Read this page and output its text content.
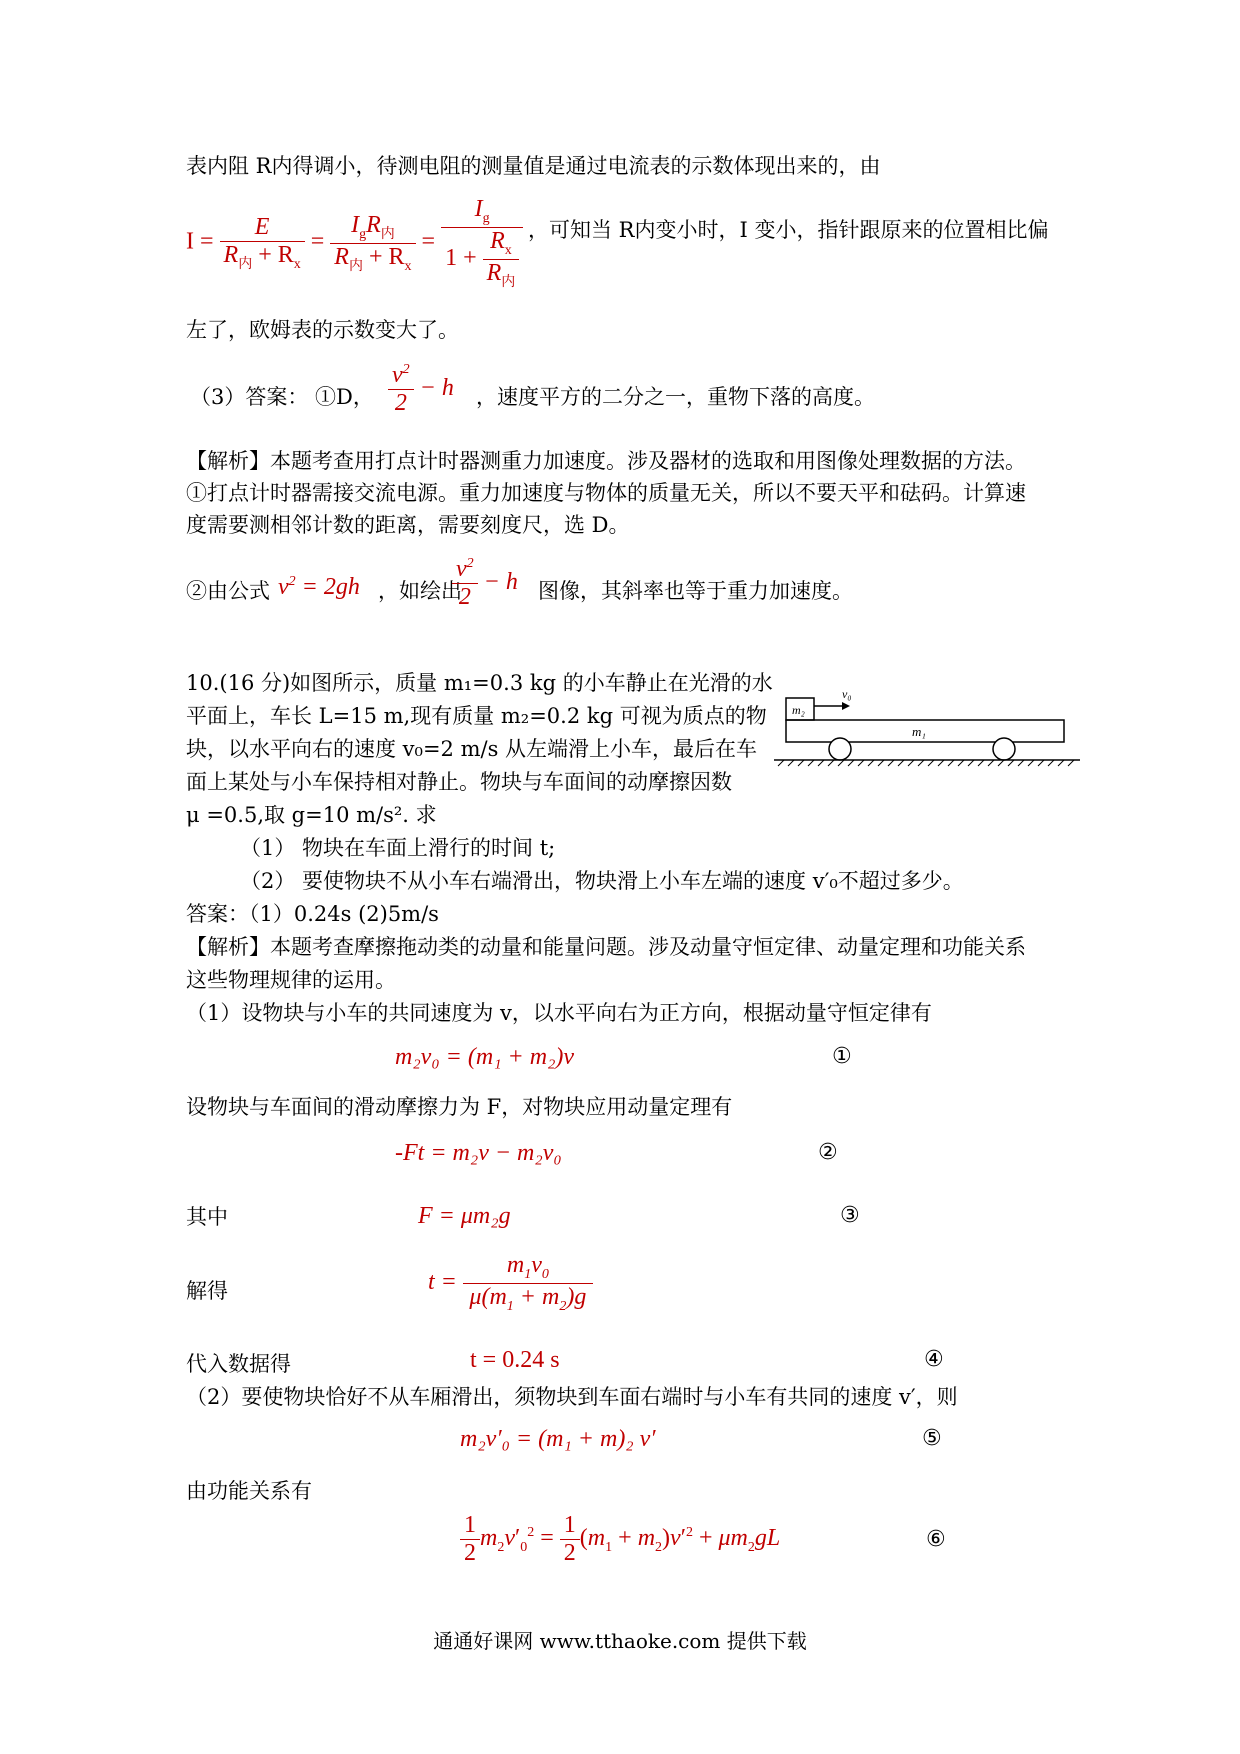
表内阻 R内得调小，待测电阻的测量值是通过电流表的示数体现出来的，由
$I = \frac{E}{R_内 + R_x} = \frac{I_gR_内}{R_内 + R_x} = \frac{I_g}{1 + \frac{R_x}{R_内}}$ ，可知当 R内变小时，I 变小，指针跟原来的位置相比偏
左了，欧姆表的示数变大了。
（3）答案： ①D， $\frac{v^2}{2} - h$ ，速度平方的二分之一，重物下落的高度。
【解析】本题考查用打点计时器测重力加速度。涉及器材的选取和用图像处理数据的方法。
①打点计时器需接交流电源。重力加速度与物体的质量无关，所以不要天平和砝码。计算速
度需要测相邻计数的距离，需要刻度尺，选 D。
②由公式 $v^2 = 2gh$ ，如绘出
$\frac{v^2}{2} - h$ 图像，其斜率也等于重力加速度。
10.(16 分)如图所示，质量 m₁=0.3 kg 的小车静止在光滑的水
平面上，车长 L=15 m,现有质量 m₂=0.2 kg 可视为质点的物
块，以水平向右的速度 v₀=2 m/s 从左端滑上小车，最后在车
面上某处与小车保持相对静止。物块与车面间的动摩擦因数
μ =0.5,取 g=10 m/s². 求
m₂
v₀
m₁
（1） 物块在车面上滑行的时间 t;
（2） 要使物块不从小车右端滑出，物块滑上小车左端的速度 v′₀不超过多少。
答案：（1）0.24s (2)5m/s
【解析】本题考查摩擦拖动类的动量和能量问题。涉及动量守恒定律、动量定理和功能关系
这些物理规律的运用。
（1）设物块与小车的共同速度为 v，以水平向右为正方向，根据动量守恒定律有
m₂v₀ = (m₁ + m₂)v	①
设物块与车面间的滑动摩擦力为 F，对物块应用动量定理有
-Ft = m₂v − m₂v₀	②
其中	F = μm₂g	③
解得	$t = \frac{m_1v_0}{\mu(m_1 + m_2)g}$
代入数据得	t = 0.24 s	④
（2）要使物块恰好不从车厢滑出，须物块到车面右端时与小车有共同的速度 v′，则
m₂v′₀ = (m₁ + m)₂ v′	⑤
由功能关系有
$\frac{1}{2} m_2v'_0^2 = \frac{1}{2} (m_1 + m_2)v'^2 + \mu m_2gL$	⑥
通通好课网 www.tthaoke.com 提供下载
